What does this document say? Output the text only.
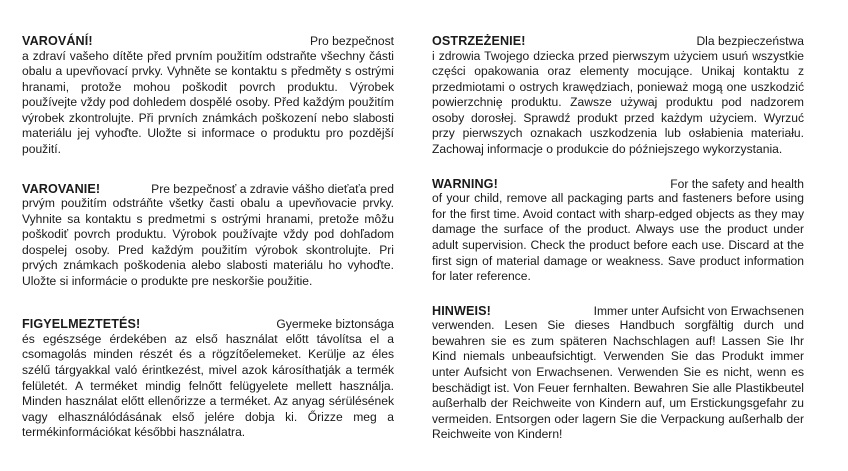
VAROVÁNÍ!	Pro bezpečnost
a zdraví vašeho dítěte před prvním použitím odstraňte všechny části obalu a upevňovací prvky. Vyhněte se kontaktu s předměty s ostrými hranami, protože mohou poškodit povrch produktu. Výrobek používejte vždy pod dohledem dospělé osoby. Před každým použitím výrobek zkontrolujte. Při prvních známkách poškození nebo slabosti materiálu jej vyhoďte. Uložte si informace o produktu pro pozdější použití.
VAROVANIE!	Pre bezpečnosť a zdravie vášho dieťaťa pred
prvým použitím odstráňte všetky časti obalu a upevňovacie prvky. Vyhnite sa kontaktu s predmetmi s ostrými hranami, pretože môžu poškodiť povrch produktu. Výrobok používajte vždy pod dohľadom dospelej osoby. Pred každým použitím výrobok skontrolujte. Pri prvých známkach poškodenia alebo slabosti materiálu ho vyhoďte. Uložte si informácie o produkte pre neskoršie použitie.
FIGYELMEZTETÉS!	Gyermeke biztonsága
és egészsége érdekében az első használat előtt távolítsa el a csomagolás minden részét és a rögzítőelemeket. Kerülje az éles szélű tárgyakkal való érintkezést, mivel azok károsíthatják a termék felületét. A terméket mindig felnőtt felügyelete mellett használja. Minden használat előtt ellenőrizze a terméket. Az anyag sérülésének vagy elhasználódásának első jelére dobja ki. Őrizze meg a termékinformációkat későbbi használatra.
OSTRZEŻENIE!	Dla bezpieczeństwa
i zdrowia Twojego dziecka przed pierwszym użyciem usuń wszystkie części opakowania oraz elementy mocujące. Unikaj kontaktu z przedmiotami o ostrych krawędziach, ponieważ mogą one uszkodzić powierzchnię produktu. Zawsze używaj produktu pod nadzorem osoby dorosłej. Sprawdź produkt przed każdym użyciem. Wyrzuć przy pierwszych oznakach uszkodzenia lub osłabienia materiału. Zachowaj informacje o produkcie do późniejszego wykorzystania.
WARNING!	For the safety and health
of your child, remove all packaging parts and fasteners before using for the first time. Avoid contact with sharp-edged objects as they may damage the surface of the product. Always use the product under adult supervision. Check the product before each use. Discard at the first sign of material damage or weakness. Save product information for later reference.
HINWEIS!	Immer unter Aufsicht von Erwachsenen
verwenden. Lesen Sie dieses Handbuch sorgfältig durch und bewahren sie es zum späteren Nachschlagen auf! Lassen Sie Ihr Kind niemals unbeaufsichtigt. Verwenden Sie das Produkt immer unter Aufsicht von Erwachsenen. Verwenden Sie es nicht, wenn es beschädigt ist. Von Feuer fernhalten. Bewahren Sie alle Plastikbeutel außerhalb der Reichweite von Kindern auf, um Erstickungsgefahr zu vermeiden. Entsorgen oder lagern Sie die Verpackung außerhalb der Reichweite von Kindern!
